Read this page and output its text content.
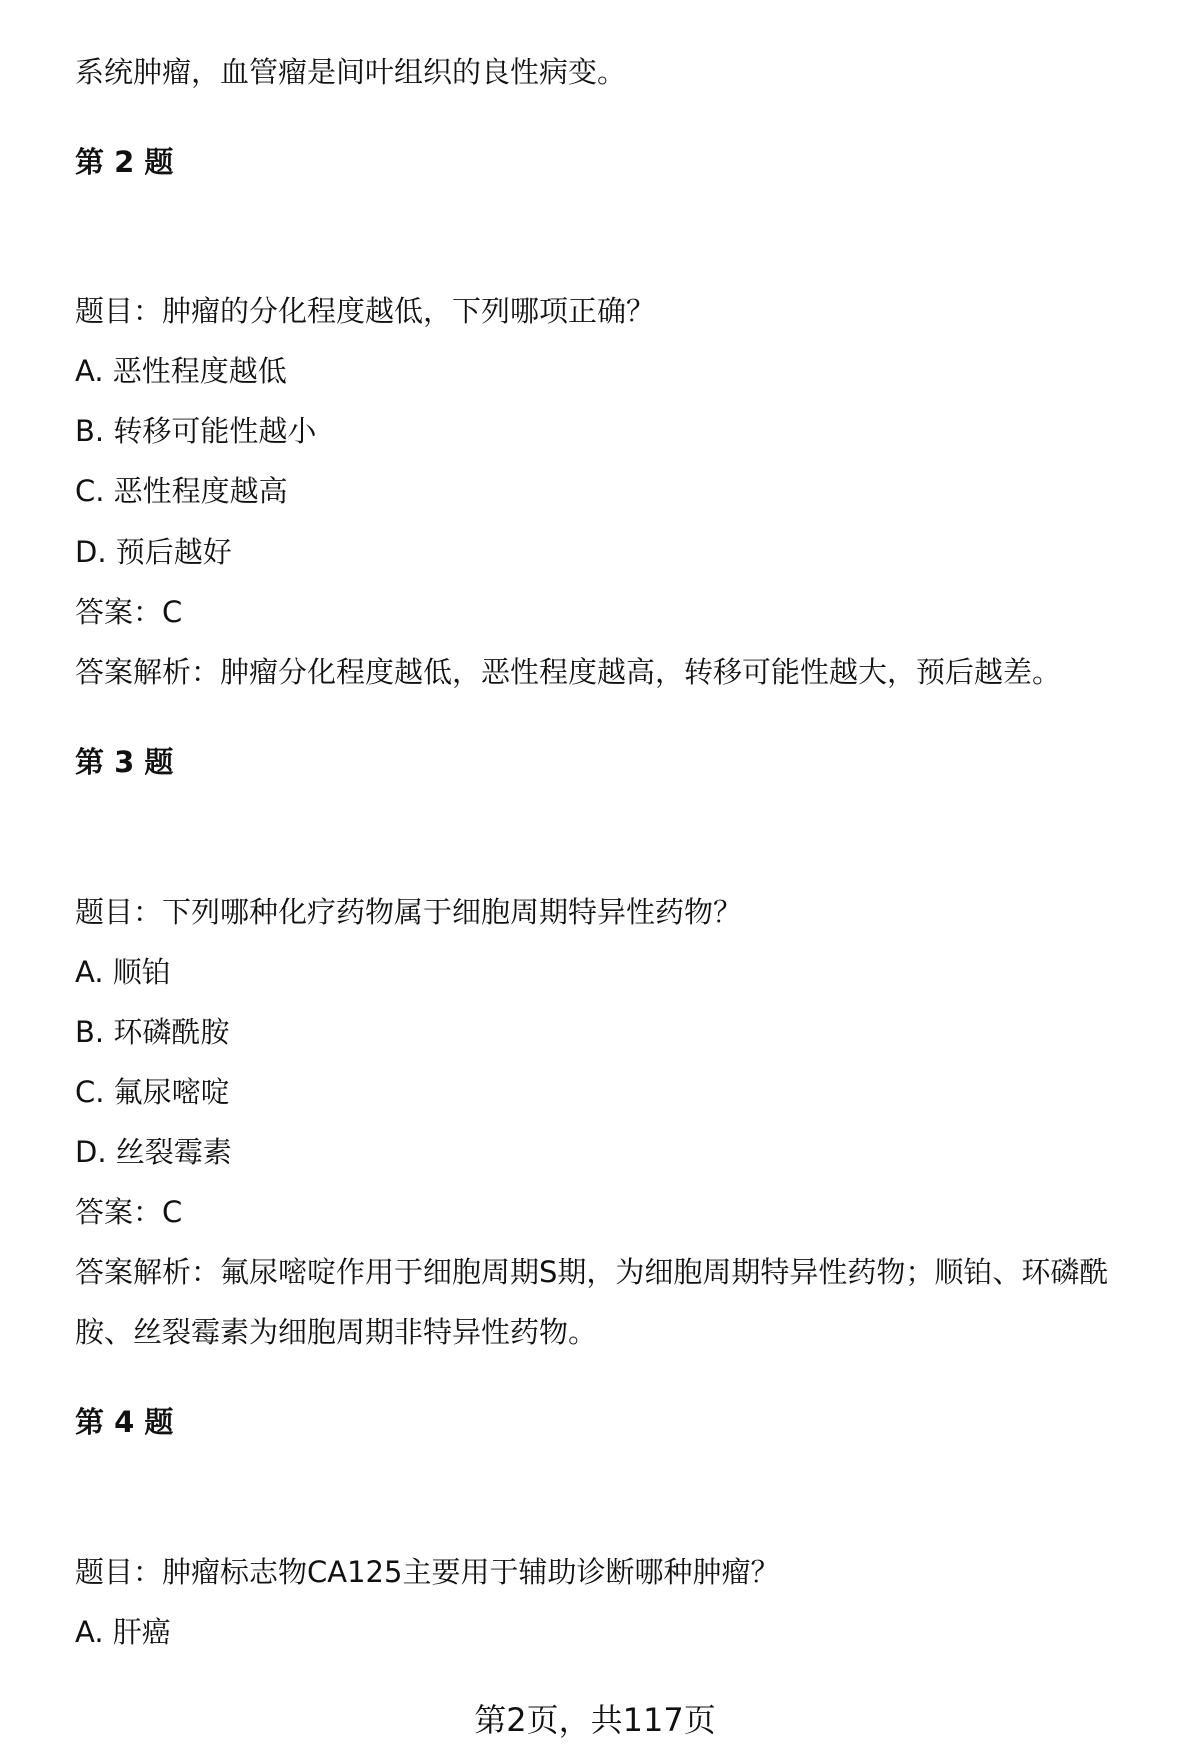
系统肿瘤，血管瘤是间叶组织的良性病变。

第 2 题

题目：肿瘤的分化程度越低，下列哪项正确？

A. 恶性程度越低

B. 转移可能性越小

C. 恶性程度越高

D. 预后越好

答案：C

答案解析：肿瘤分化程度越低，恶性程度越高，转移可能性越大，预后越差。

第 3 题

题目：下列哪种化疗药物属于细胞周期特异性药物？

A. 顺铂

B. 环磷酰胺

C. 氟尿嘧啶

D. 丝裂霉素

答案：C

答案解析：氟尿嘧啶作用于细胞周期S期，为细胞周期特异性药物；顺铂、环磷酰

胺、丝裂霉素为细胞周期非特异性药物。

第 4 题

题目：肿瘤标志物CA125主要用于辅助诊断哪种肿瘤？

A. 肝癌

第2页，共117页
